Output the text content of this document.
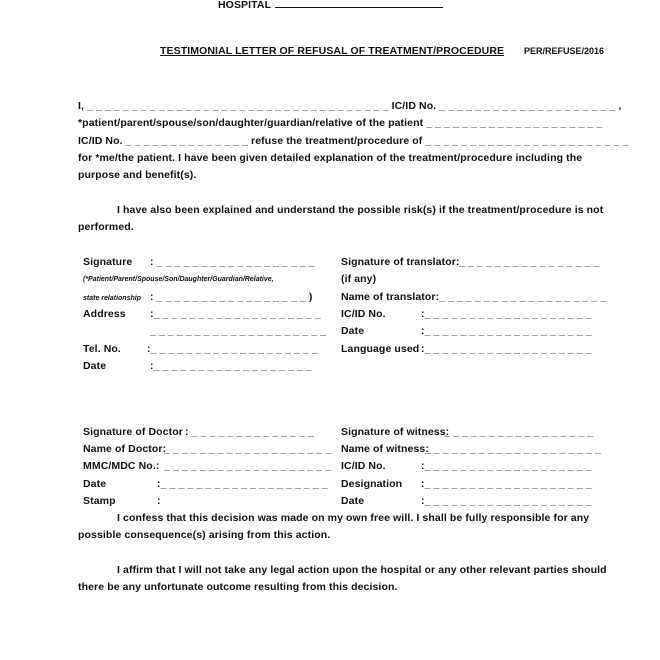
HOSPITAL
TESTIMONIAL LETTER OF REFUSAL OF TREATMENT/PROCEDURE PER/REFUSE/2016
I, _ _ _ _ _ _ _ _ _ _ _ _ _ _ _ _ _ _ _ _ _ _ _ _ _ _ _ _ _ _ _ _ _ _ IC/ID No. _ _ _ _ _ _ _ _ _ _ _ _ _ _ _ _ _ _ _ _ ,
*patient/parent/spouse/son/daughter/guardian/relative of the patient _ _ _ _ _ _ _ _ _ _ _ _ _ _ _ _ _ _ _ _
IC/ID No. _ _ _ _ _ _ _ _ _ _ _ _ _ _ refuse the treatment/procedure of _ _ _ _ _ _ _ _ _ _ _ _ _ _ _ _ _ _ _ _ _ _ _
for *me/the patient. I have been given detailed explanation of the treatment/procedure including the
purpose and benefit(s).
I have also been explained and understand the possible risk(s) if the treatment/procedure is not
performed.
Signature : _ _ _ _ _ _ _ _ _ _ _ _ _ _ _ _ _ _
(*Patient/Parent/Spouse/Son/Daughter/Guardian/Relative,
state relationship : _ _ _ _ _ _ _ _ _ _ _ _ _ _ _ _ _ )
Address :_ _ _ _ _ _ _ _ _ _ _ _ _ _ _ _ _ _ _
_ _ _ _ _ _ _ _ _ _ _ _ _ _ _ _ _ _ _ _
Tel. No. :_ _ _ _ _ _ _ _ _ _ _ _ _ _ _ _ _ _ _
Date	:_ _ _ _ _ _ _ _ _ _ _ _ _ _ _ _ _ _
Signature of translator: _ _ _ _ _ _ _ _ _ _ _ _ _ _ _ _
(if any)
Name of translator: _ _ _ _ _ _ _ _ _ _ _ _ _ _ _ _ _ _ _
IC/ID No.	:_ _ _ _ _ _ _ _ _ _ _ _ _ _ _ _ _ _ _
Date	:_ _ _ _ _ _ _ _ _ _ _ _ _ _ _ _ _ _ _
Language used :_ _ _ _ _ _ _ _ _ _ _ _ _ _ _ _ _ _ _
Signature of Doctor : _ _ _ _ _ _ _ _ _ _ _ _ _ _
Name of Doctor:
_ _ _ _ _ _ _ _ _ _ _ _ _ _ _ _ _ _ _
MMC/MDC No.: _ _ _ _ _ _ _ _ _ _ _ _ _ _ _ _ _ _ _
Date	:_ _ _ _ _ _ _ _ _ _ _ _ _ _ _ _ _ _ _
Stamp	:
Signature of witness:
_ _ _ _ _ _ _ _ _ _ _ _ _ _ _ _ _
Name of witness:
_ _ _ _ _ _ _ _ _ _ _ _ _ _ _ _ _ _ _ _
IC/ID No.	:_ _ _ _ _ _ _ _ _ _ _ _ _ _ _ _ _ _ _
Designation :_ _ _ _ _ _ _ _ _ _ _ _ _ _ _ _ _ _ _
Date	:_ _ _ _ _ _ _ _ _ _ _ _ _ _ _ _ _ _ _
I confess that this decision was made on my own free will. I shall be fully responsible for any
possible consequence(s) arising from this action.
I affirm that I will not take any legal action upon the hospital or any other relevant parties should
there be any unfortunate outcome resulting from this decision.
